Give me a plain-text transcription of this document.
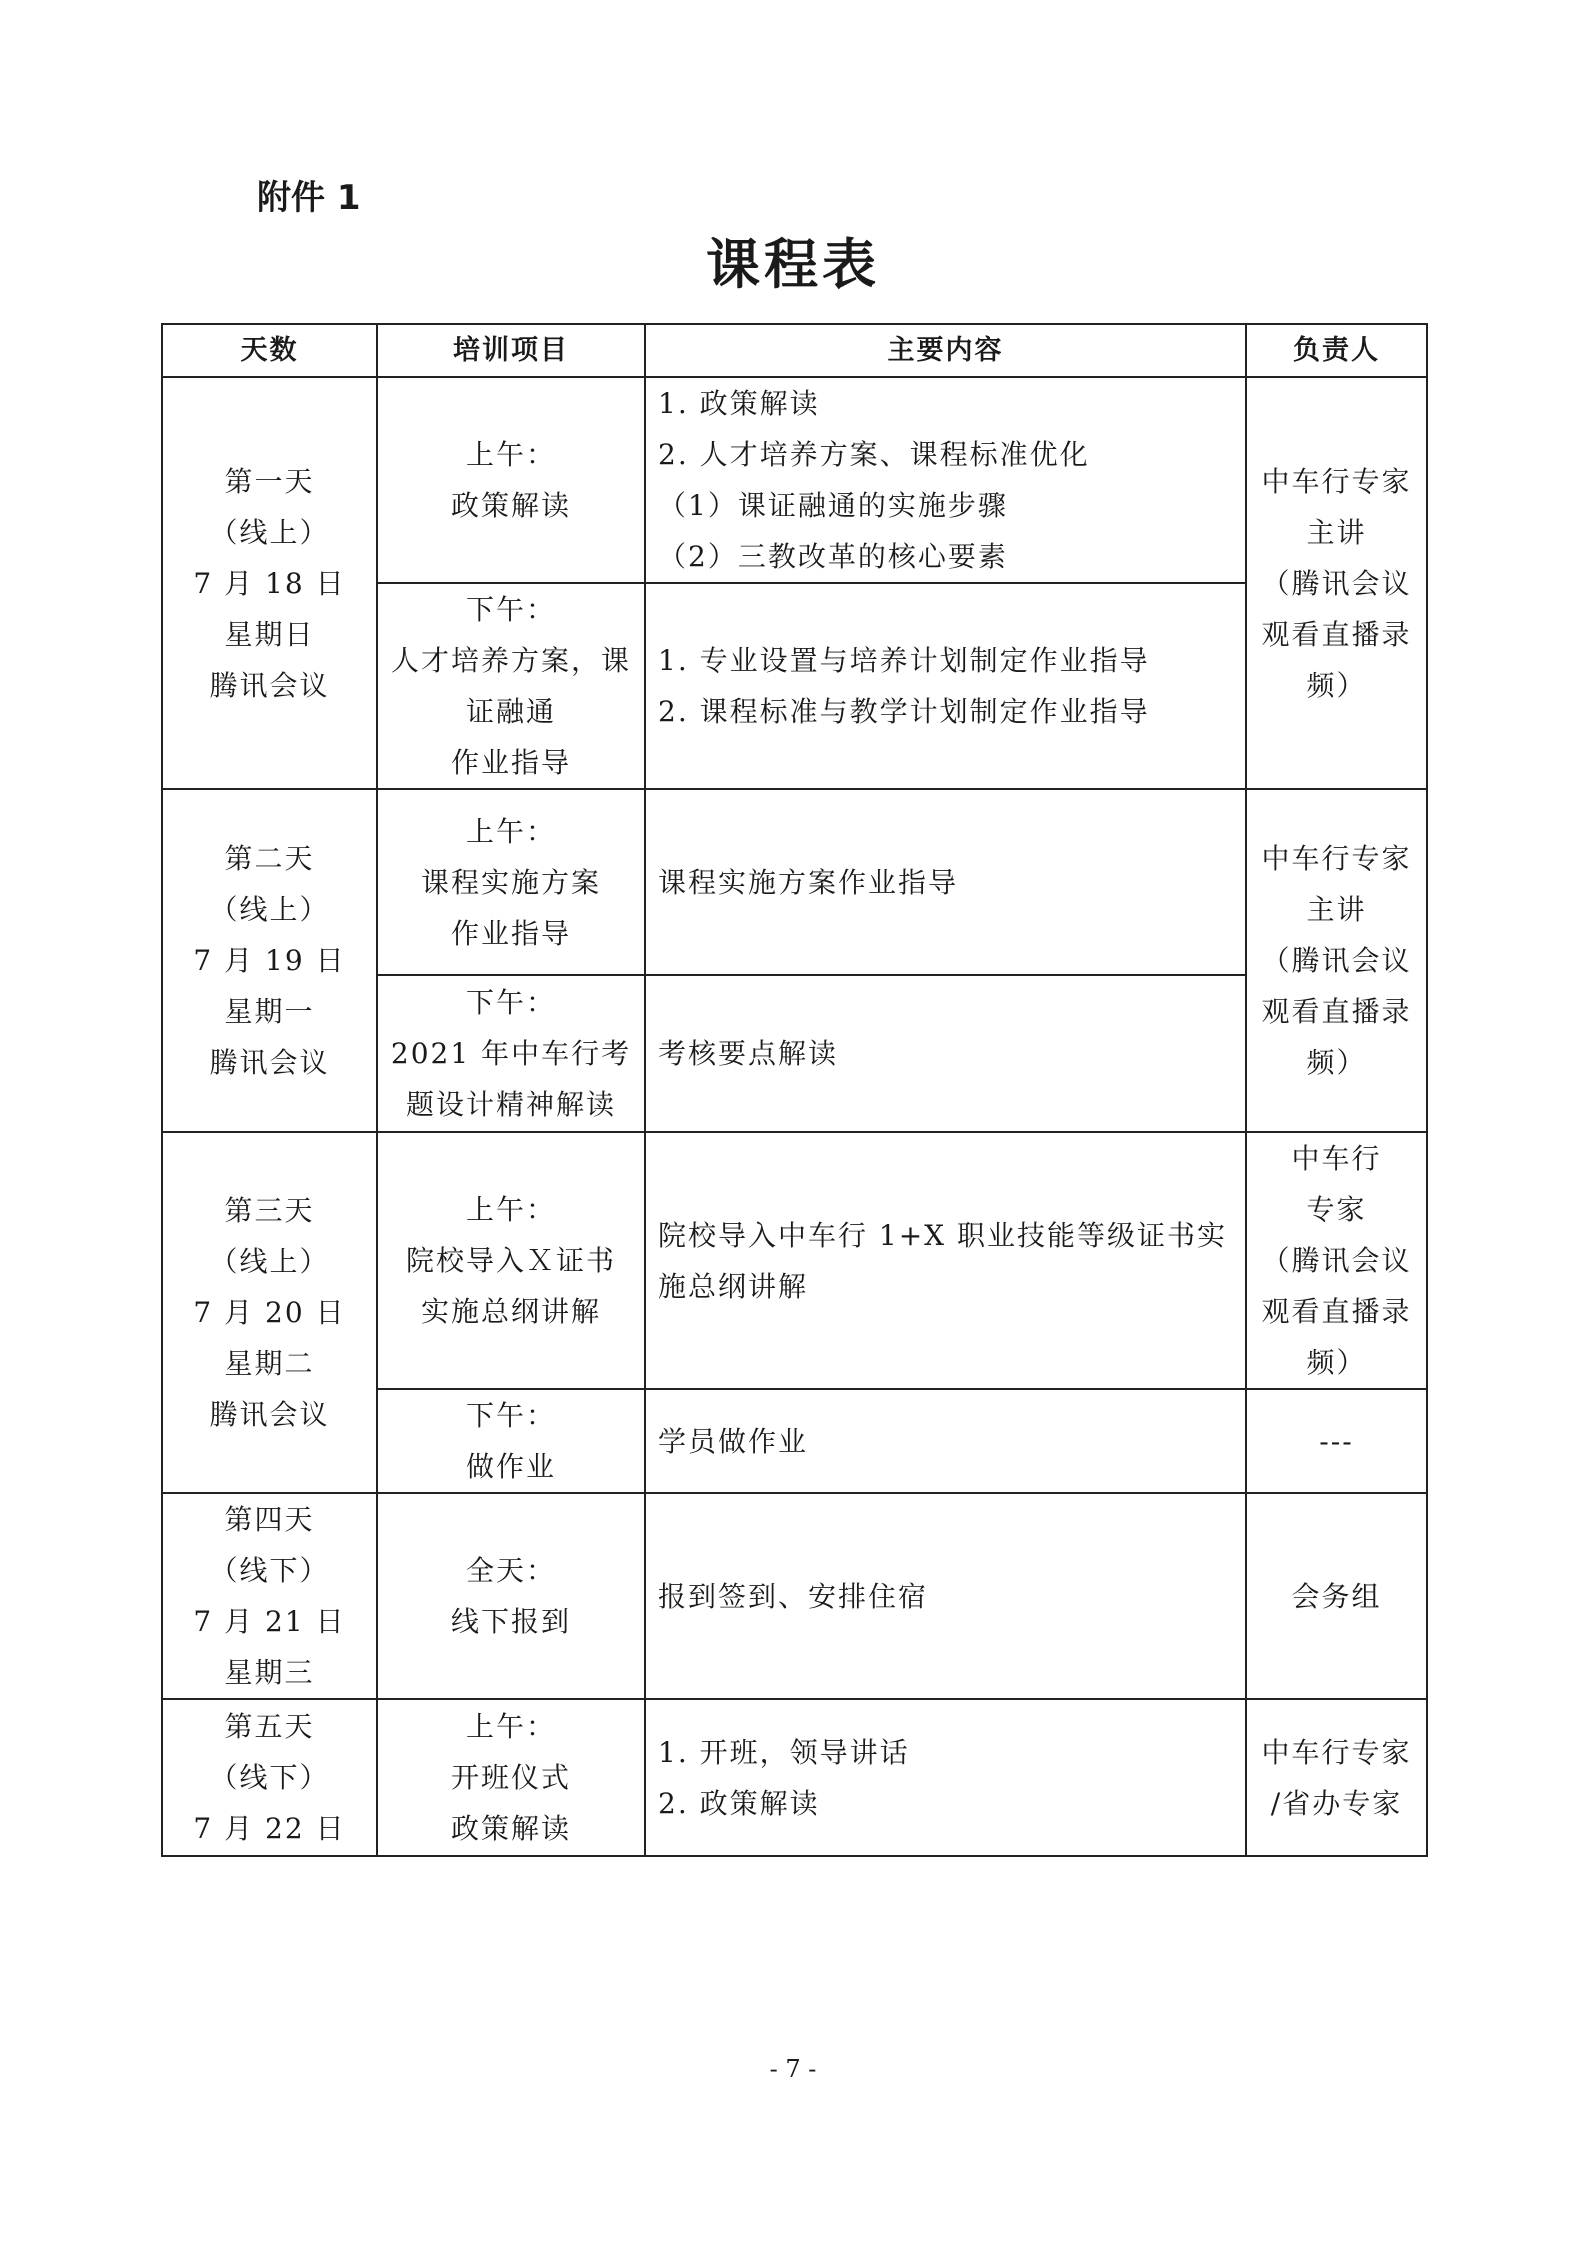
附件 1
课程表
天数	培训项目	主要内容	负责人

第一天
（线上）
7 月 18 日
星期日
腾讯会议	上午：
政策解读	1. 政策解读
2. 人才培养方案、课程标准优化
（1）课证融通的实施步骤
（2）三教改革的核心要素	中车行专家
主讲
（腾讯会议
观看直播录
频）

	下午：
人才培养方案，课
证融通
作业指导	1. 专业设置与培养计划制定作业指导
2. 课程标准与教学计划制定作业指导	

第二天
（线上）
7 月 19 日
星期一
腾讯会议	上午：
课程实施方案
作业指导	课程实施方案作业指导	中车行专家
主讲
（腾讯会议
观看直播录
频）

	下午：
2021 年中车行考
题设计精神解读	考核要点解读	

第三天
（线上）
7 月 20 日
星期二
腾讯会议	上午：
院校导入Ｘ证书
实施总纲讲解	院校导入中车行 1+X 职业技能等级证书实
施总纲讲解	中车行
专家
（腾讯会议
观看直播录
频）

	下午：
做作业	学员做作业	---

第四天
（线下）
7 月 21 日
星期三	全天：
线下报到	报到签到、安排住宿	会务组

第五天
（线下）
7 月 22 日	上午：
开班仪式
政策解读	1. 开班，领导讲话
2. 政策解读	中车行专家
/省办专家
- 7 -
